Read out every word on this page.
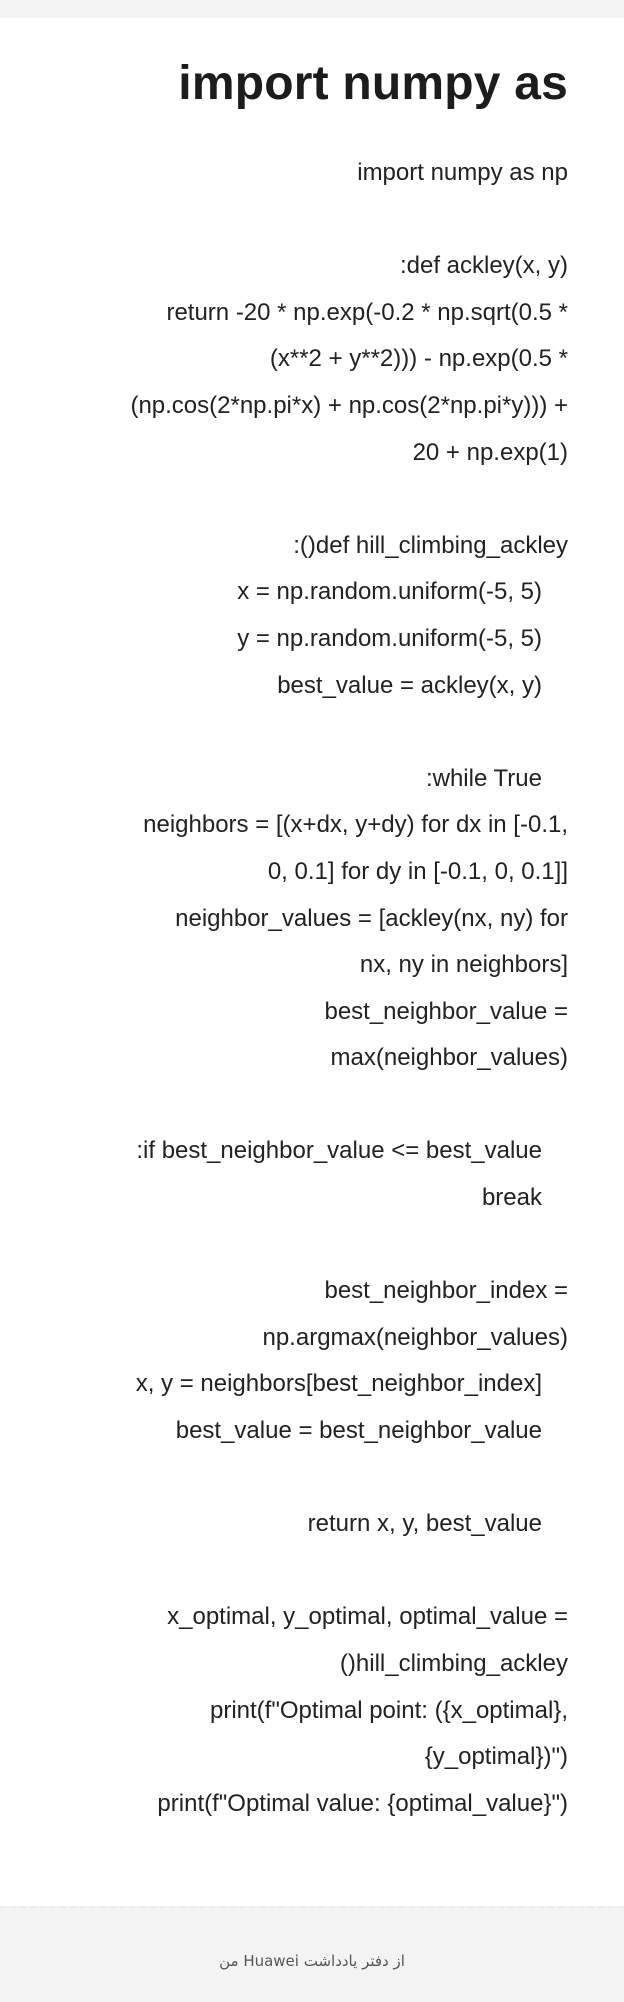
import numpy as
import numpy as np
:def ackley(x, y)
return -20 * np.exp(-0.2 * np.sqrt(0.5 *
(x**2 + y**2))) - np.exp(0.5 *
(np.cos(2*np.pi*x) + np.cos(2*np.pi*y))) +
20 + np.exp(1)
:()def hill_climbing_ackley
x = np.random.uniform(-5, 5)
y = np.random.uniform(-5, 5)
best_value = ackley(x, y)
:while True
neighbors = [(x+dx, y+dy) for dx in [-0.1,
0, 0.1] for dy in [-0.1, 0, 0.1]]
neighbor_values = [ackley(nx, ny) for
nx, ny in neighbors]
best_neighbor_value =
max(neighbor_values)
:if best_neighbor_value <= best_value
break
best_neighbor_index =
np.argmax(neighbor_values)
x, y = neighbors[best_neighbor_index]
best_value = best_neighbor_value
return x, y, best_value
x_optimal, y_optimal, optimal_value =
()hill_climbing_ackley
print(f"Optimal point: ({x_optimal},
{y_optimal})")
print(f"Optimal value: {optimal_value}")
از دفتر یادداشت Huawei من
